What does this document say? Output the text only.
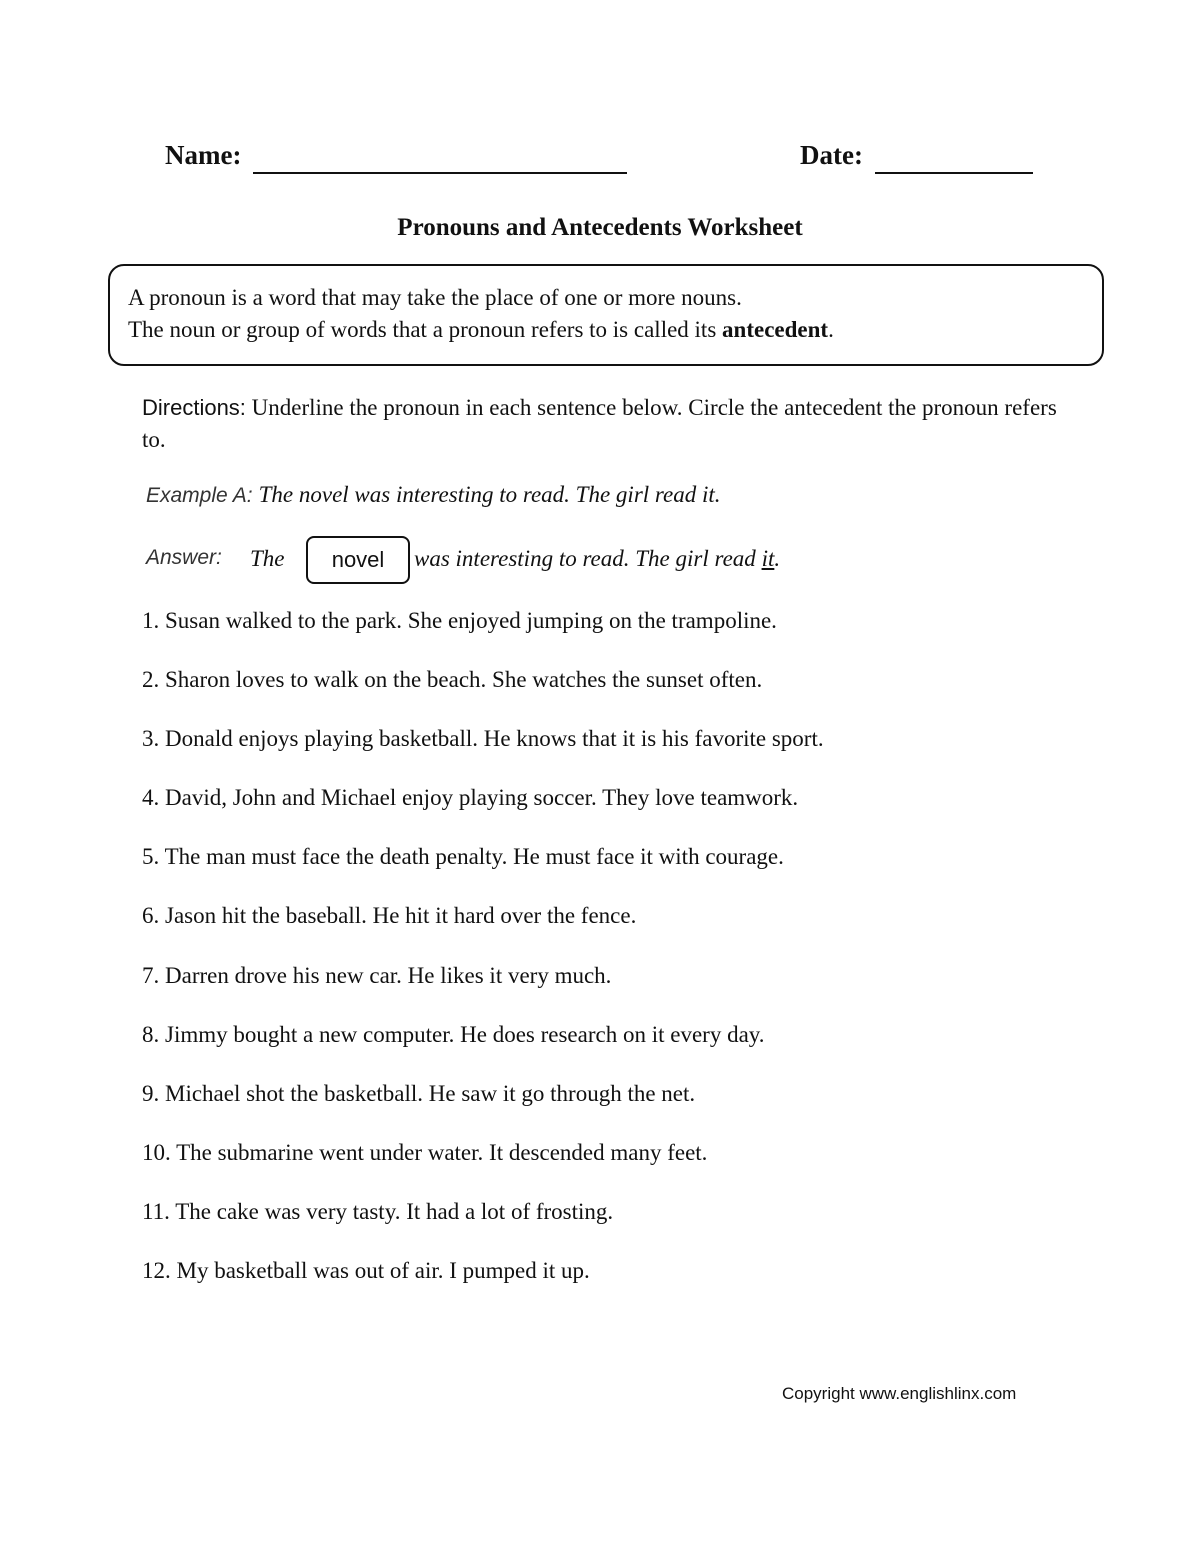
Name:	Date:
Pronouns and Antecedents Worksheet
A pronoun is a word that may take the place of one or more nouns.
The noun or group of words that a pronoun refers to is called its antecedent.
Directions: Underline the pronoun in each sentence below. Circle the antecedent the pronoun refers to.
Example A: The novel was interesting to read. The girl read it.
Answer: The	novel	was interesting to read. The girl read it.
1. Susan walked to the park. She enjoyed jumping on the trampoline.
2. Sharon loves to walk on the beach. She watches the sunset often.
3. Donald enjoys playing basketball. He knows that it is his favorite sport.
4. David, John and Michael enjoy playing soccer. They love teamwork.
5. The man must face the death penalty. He must face it with courage.
6. Jason hit the baseball. He hit it hard over the fence.
7. Darren drove his new car. He likes it very much.
8. Jimmy bought a new computer. He does research on it every day.
9. Michael shot the basketball. He saw it go through the net.
10. The submarine went under water. It descended many feet.
11. The cake was very tasty. It had a lot of frosting.
12. My basketball was out of air. I pumped it up.
Copyright www.englishlinx.com
